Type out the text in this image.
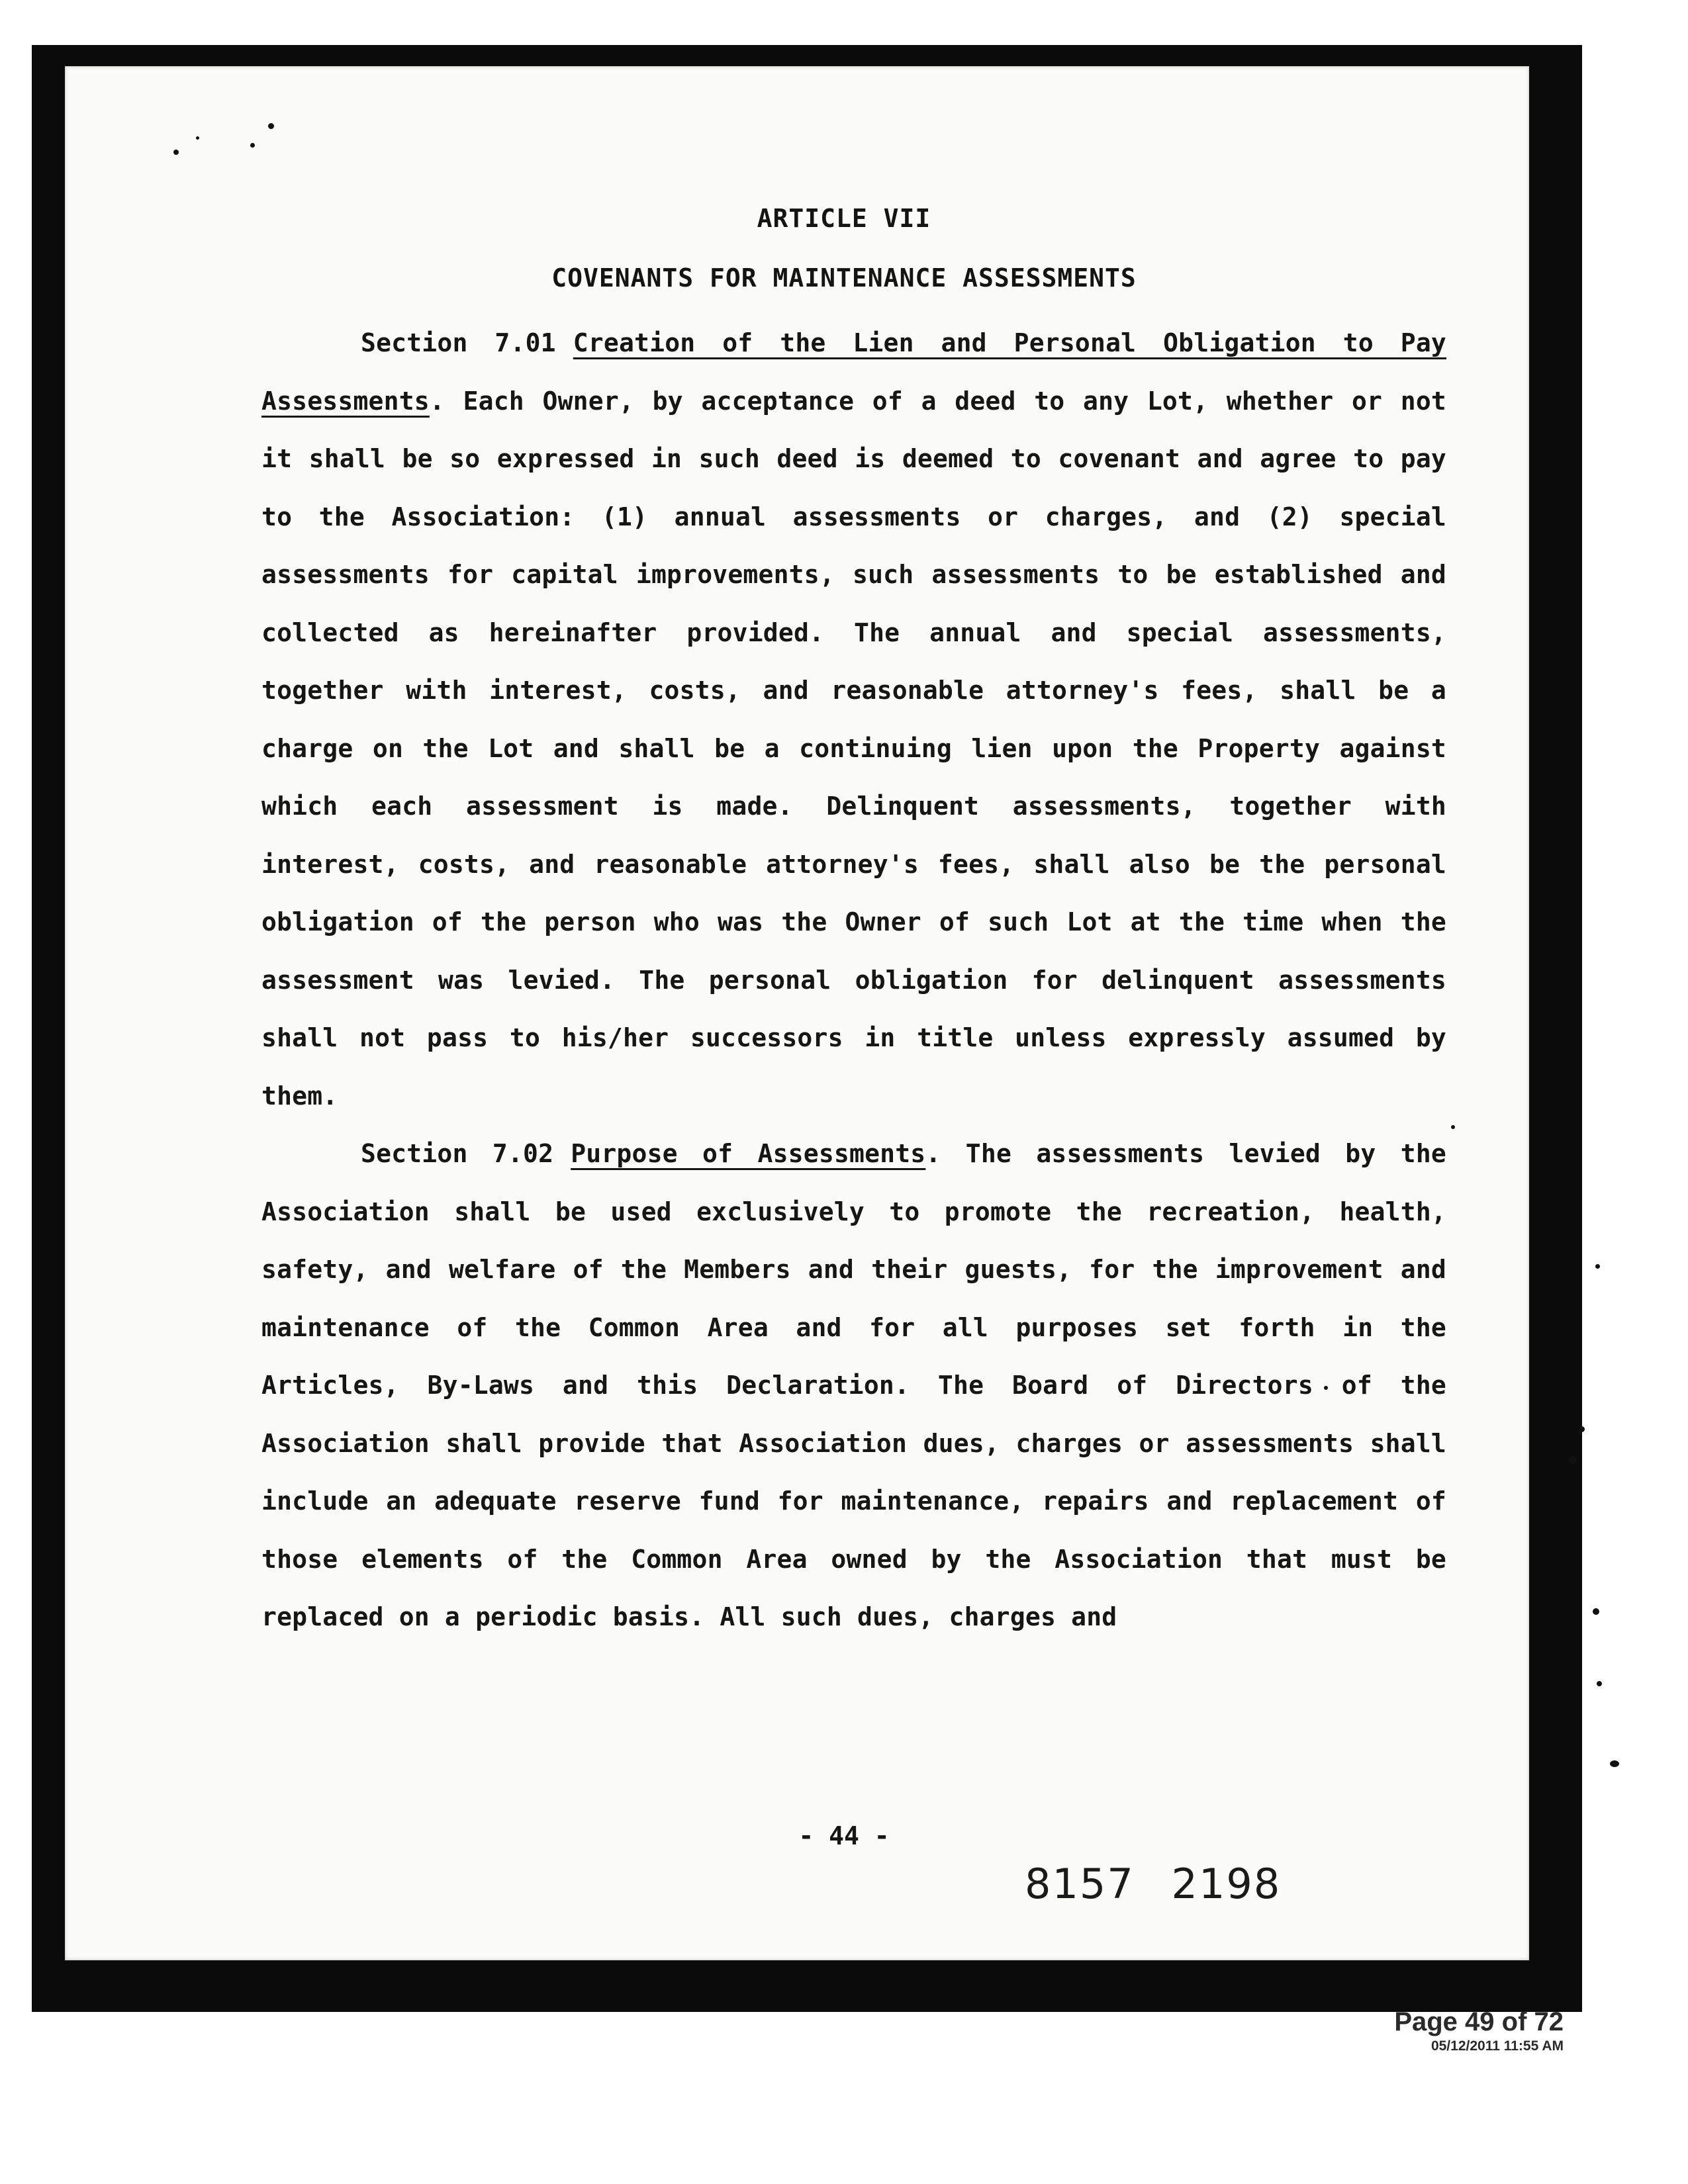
ARTICLE VII
COVENANTS FOR MAINTENANCE ASSESSMENTS

Section 7.01 Creation of the Lien and Personal Obligation to Pay Assessments. Each Owner, by acceptance of a deed to any Lot, whether or not it shall be so expressed in such deed is deemed to covenant and agree to pay to the Association: (1) annual assessments or charges, and (2) special assessments for capital improvements, such assessments to be established and collected as hereinafter provided. The annual and special assessments, together with interest, costs, and reasonable attorney's fees, shall be a charge on the Lot and shall be a continuing lien upon the Property against which each assessment is made. Delinquent assessments, together with interest, costs, and reasonable attorney's fees, shall also be the personal obligation of the person who was the Owner of such Lot at the time when the assessment was levied. The personal obligation for delinquent assessments shall not pass to his/her successors in title unless expressly assumed by them.

Section 7.02 Purpose of Assessments. The assessments levied by the Association shall be used exclusively to promote the recreation, health, safety, and welfare of the Members and their guests, for the improvement and maintenance of the Common Area and for all purposes set forth in the Articles, By-Laws and this Declaration. The Board of Directors of the Association shall provide that Association dues, charges or assessments shall include an adequate reserve fund for maintenance, repairs and replacement of those elements of the Common Area owned by the Association that must be replaced on a periodic basis. All such dues, charges and

- 44 -
8157 2198
Page 49 of 72
05/12/2011 11:55 AM
